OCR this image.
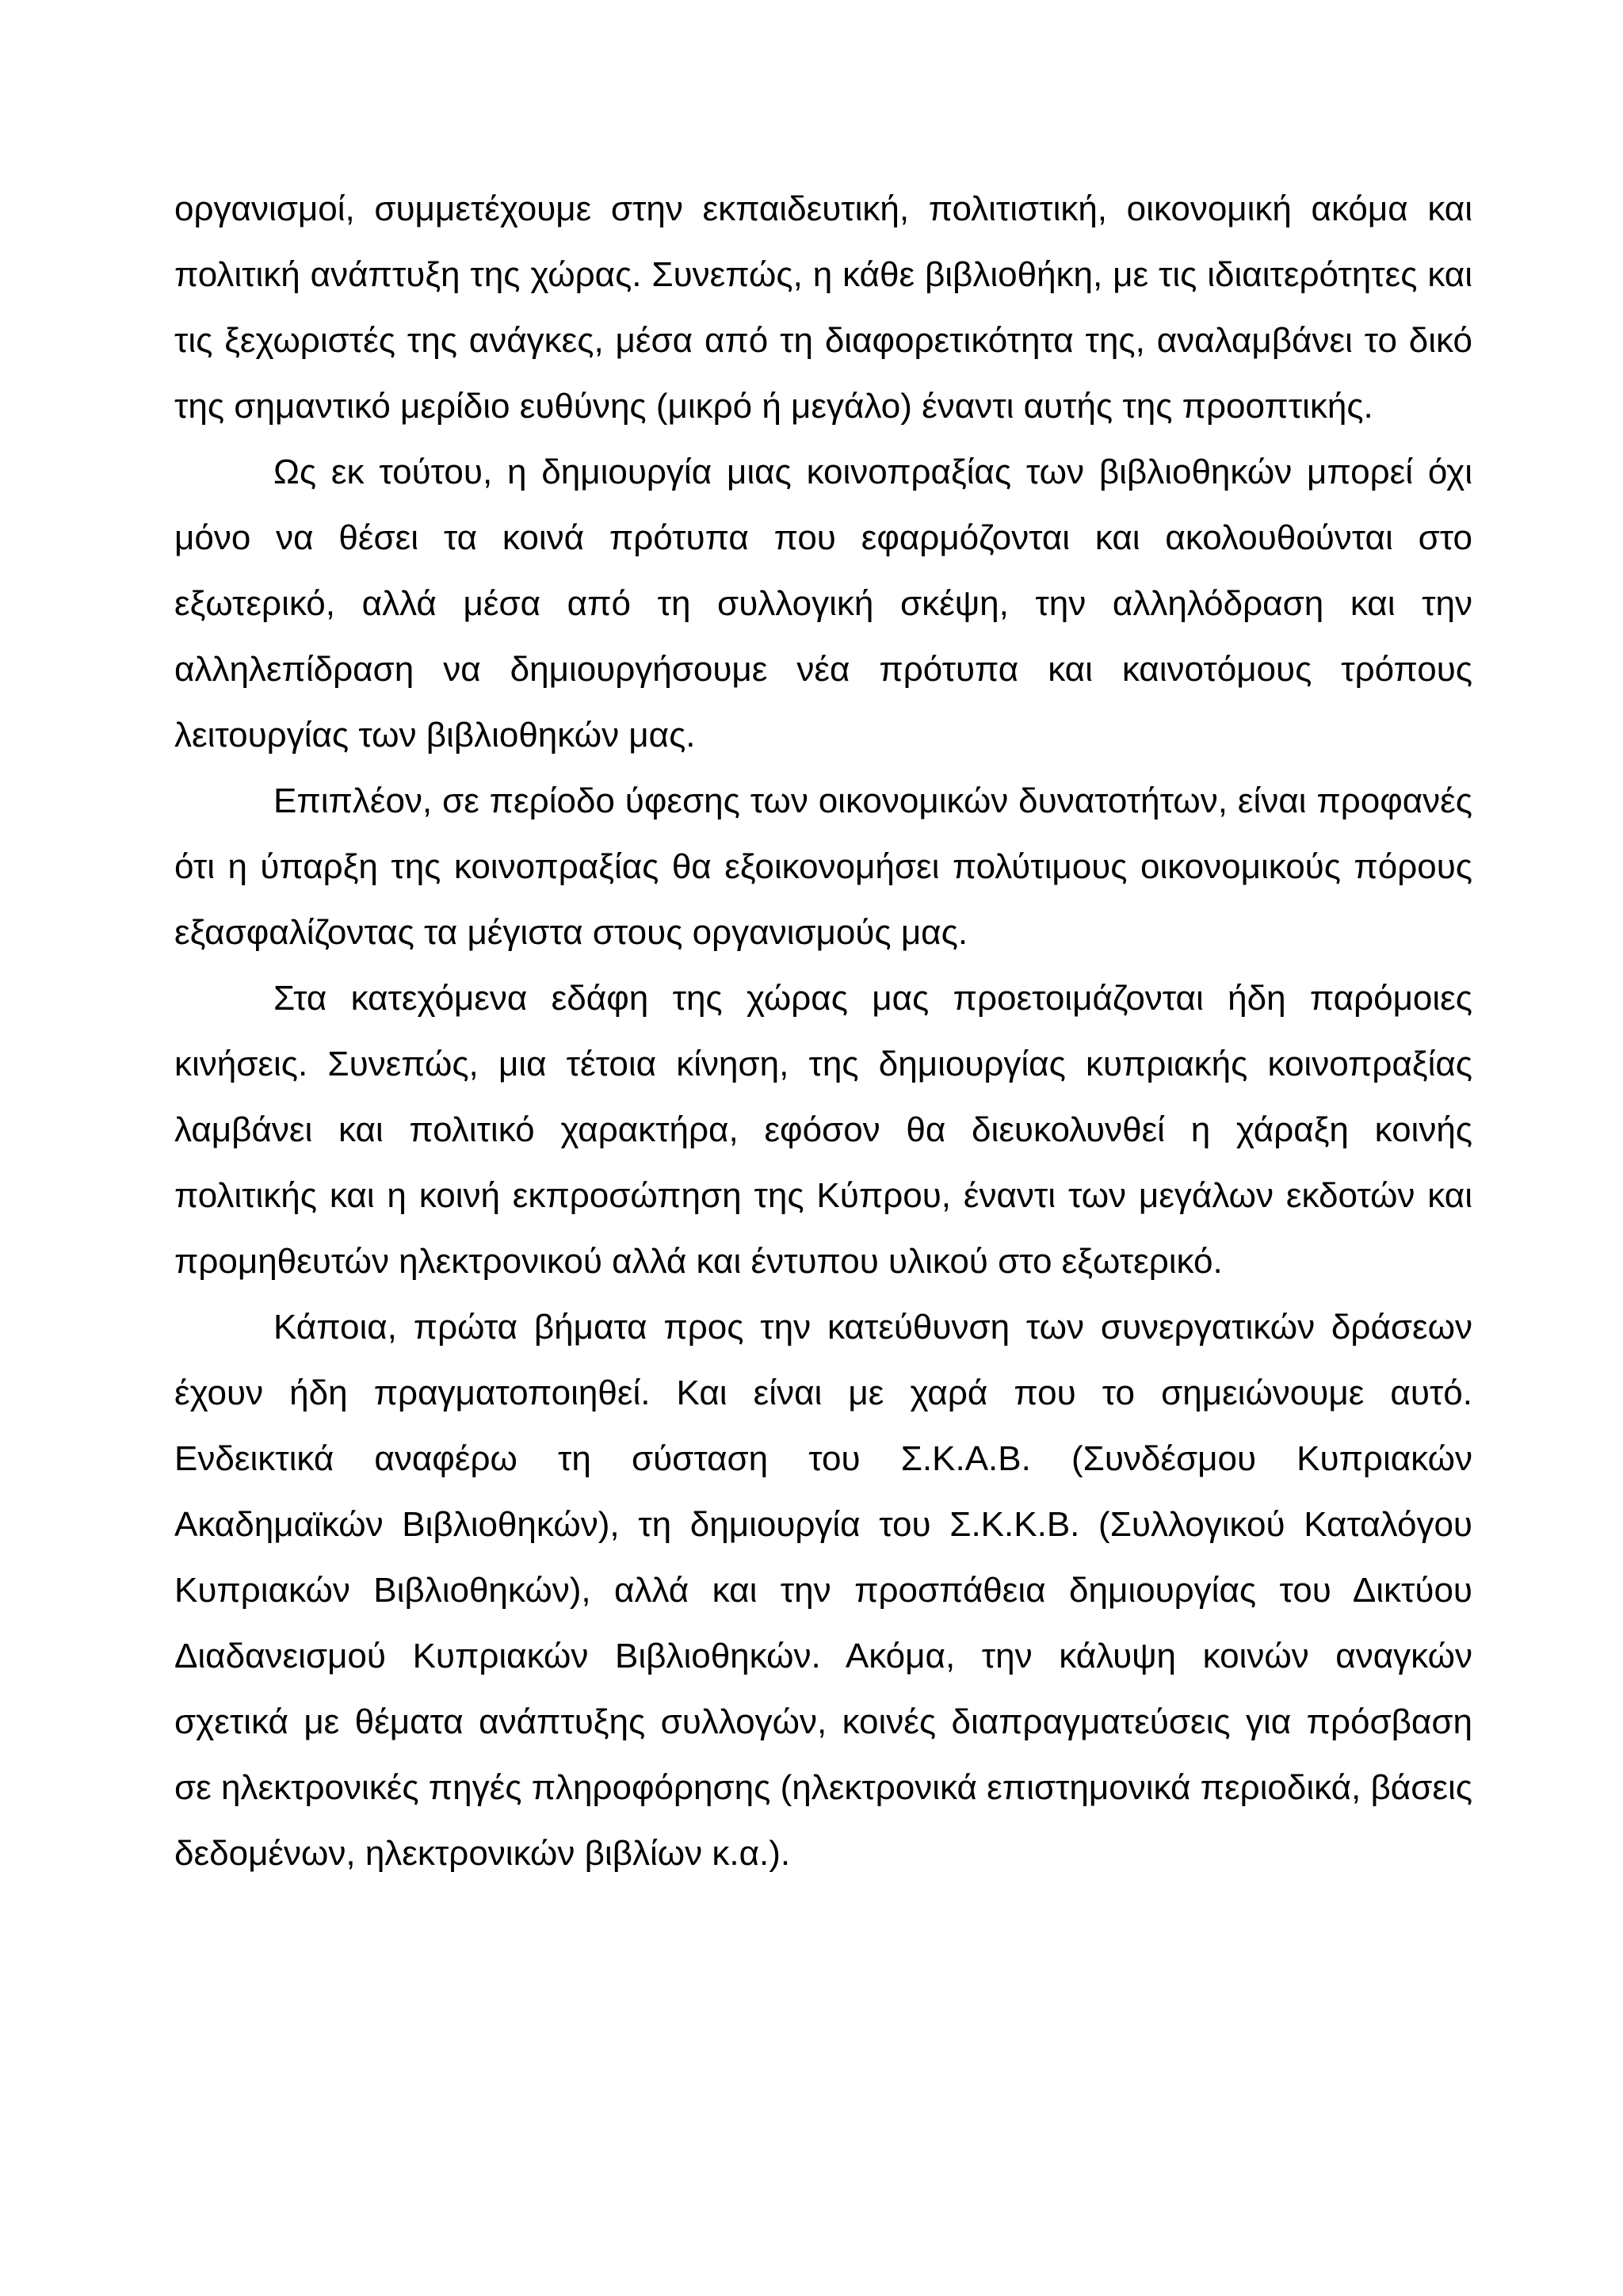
οργανισμοί, συμμετέχουμε στην εκπαιδευτική, πολιτιστική, οικονομική ακόμα και πολιτική ανάπτυξη της χώρας. Συνεπώς, η κάθε βιβλιοθήκη, με τις ιδιαιτερότητες και τις ξεχωριστές της ανάγκες, μέσα από τη διαφορετικότητα της, αναλαμβάνει το δικό της σημαντικό μερίδιο ευθύνης (μικρό ή μεγάλο) έναντι αυτής της προοπτικής.

Ως εκ τούτου, η δημιουργία μιας κοινοπραξίας των βιβλιοθηκών μπορεί όχι μόνο να θέσει τα κοινά πρότυπα που εφαρμόζονται και ακολουθούνται στο εξωτερικό, αλλά μέσα από τη συλλογική σκέψη, την αλληλόδραση και την αλληλεπίδραση να δημιουργήσουμε νέα πρότυπα και καινοτόμους τρόπους λειτουργίας των βιβλιοθηκών μας.

Επιπλέον, σε περίοδο ύφεσης των οικονομικών δυνατοτήτων, είναι προφανές ότι η ύπαρξη της κοινοπραξίας θα εξοικονομήσει πολύτιμους οικονομικούς πόρους εξασφαλίζοντας τα μέγιστα στους οργανισμούς μας.

Στα κατεχόμενα εδάφη της χώρας μας προετοιμάζονται ήδη παρόμοιες κινήσεις. Συνεπώς, μια τέτοια κίνηση, της δημιουργίας κυπριακής κοινοπραξίας λαμβάνει και πολιτικό χαρακτήρα, εφόσον θα διευκολυνθεί η χάραξη κοινής πολιτικής και η κοινή εκπροσώπηση της Κύπρου, έναντι των μεγάλων εκδοτών και προμηθευτών ηλεκτρονικού αλλά και έντυπου υλικού στο εξωτερικό.

Κάποια, πρώτα βήματα προς την κατεύθυνση των συνεργατικών δράσεων έχουν ήδη πραγματοποιηθεί. Και είναι με χαρά που το σημειώνουμε αυτό. Ενδεικτικά αναφέρω τη σύσταση του Σ.Κ.Α.Β. (Συνδέσμου Κυπριακών Ακαδημαϊκών Βιβλιοθηκών), τη δημιουργία του Σ.Κ.Κ.Β. (Συλλογικού Καταλόγου Κυπριακών Βιβλιοθηκών), αλλά και την προσπάθεια δημιουργίας του Δικτύου Διαδανεισμού Κυπριακών Βιβλιοθηκών. Ακόμα, την κάλυψη κοινών αναγκών σχετικά με θέματα ανάπτυξης συλλογών, κοινές διαπραγματεύσεις για πρόσβαση σε ηλεκτρονικές πηγές πληροφόρησης (ηλεκτρονικά επιστημονικά περιοδικά, βάσεις δεδομένων, ηλεκτρονικών βιβλίων κ.α.).
